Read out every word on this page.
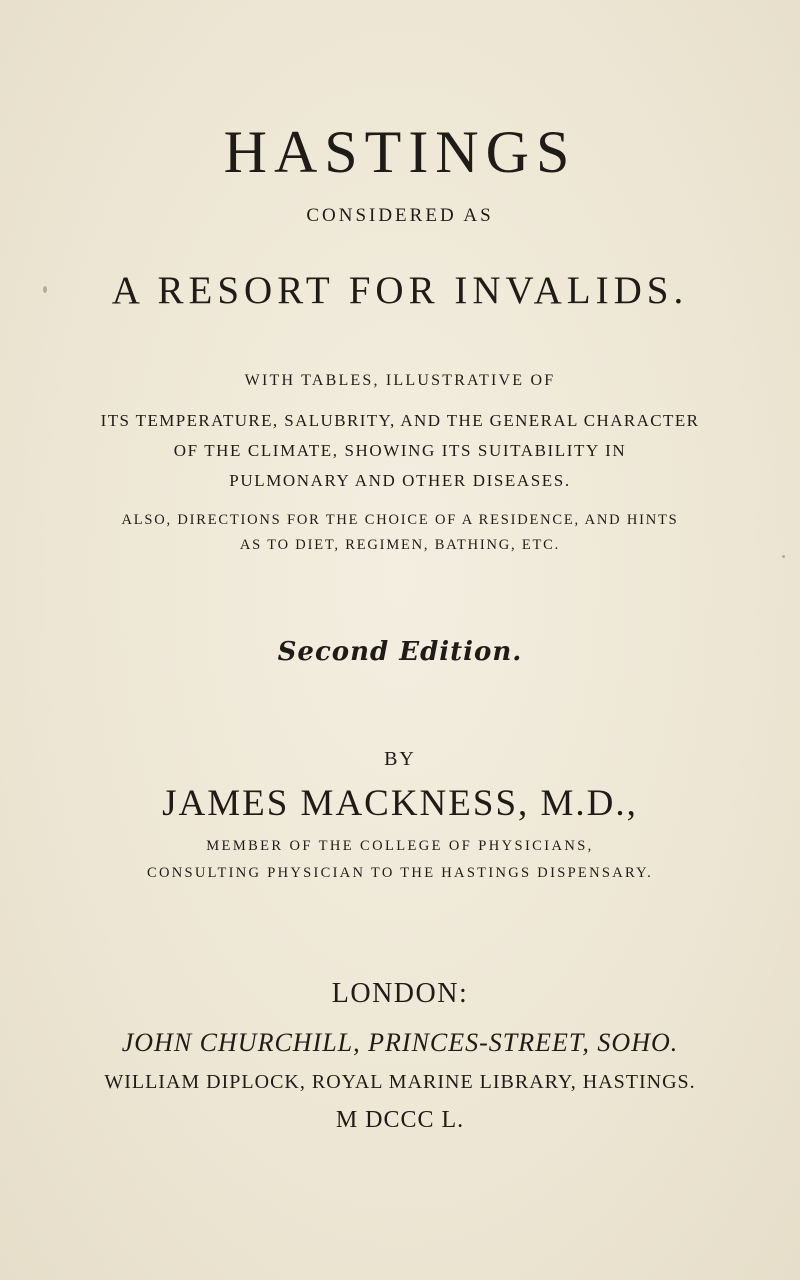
HASTINGS
CONSIDERED AS
A RESORT FOR INVALIDS.
WITH TABLES, ILLUSTRATIVE OF
ITS TEMPERATURE, SALUBRITY, AND THE GENERAL CHARACTER
OF THE CLIMATE, SHOWING ITS SUITABILITY IN
PULMONARY AND OTHER DISEASES.
ALSO, DIRECTIONS FOR THE CHOICE OF A RESIDENCE, AND HINTS
AS TO DIET, REGIMEN, BATHING, ETC.
Second Edition.
BY
JAMES MACKNESS, M.D.,
MEMBER OF THE COLLEGE OF PHYSICIANS,
CONSULTING PHYSICIAN TO THE HASTINGS DISPENSARY.
LONDON:
JOHN CHURCHILL, PRINCES-STREET, SOHO.
WILLIAM DIPLOCK, ROYAL MARINE LIBRARY, HASTINGS.
M DCCC L.
